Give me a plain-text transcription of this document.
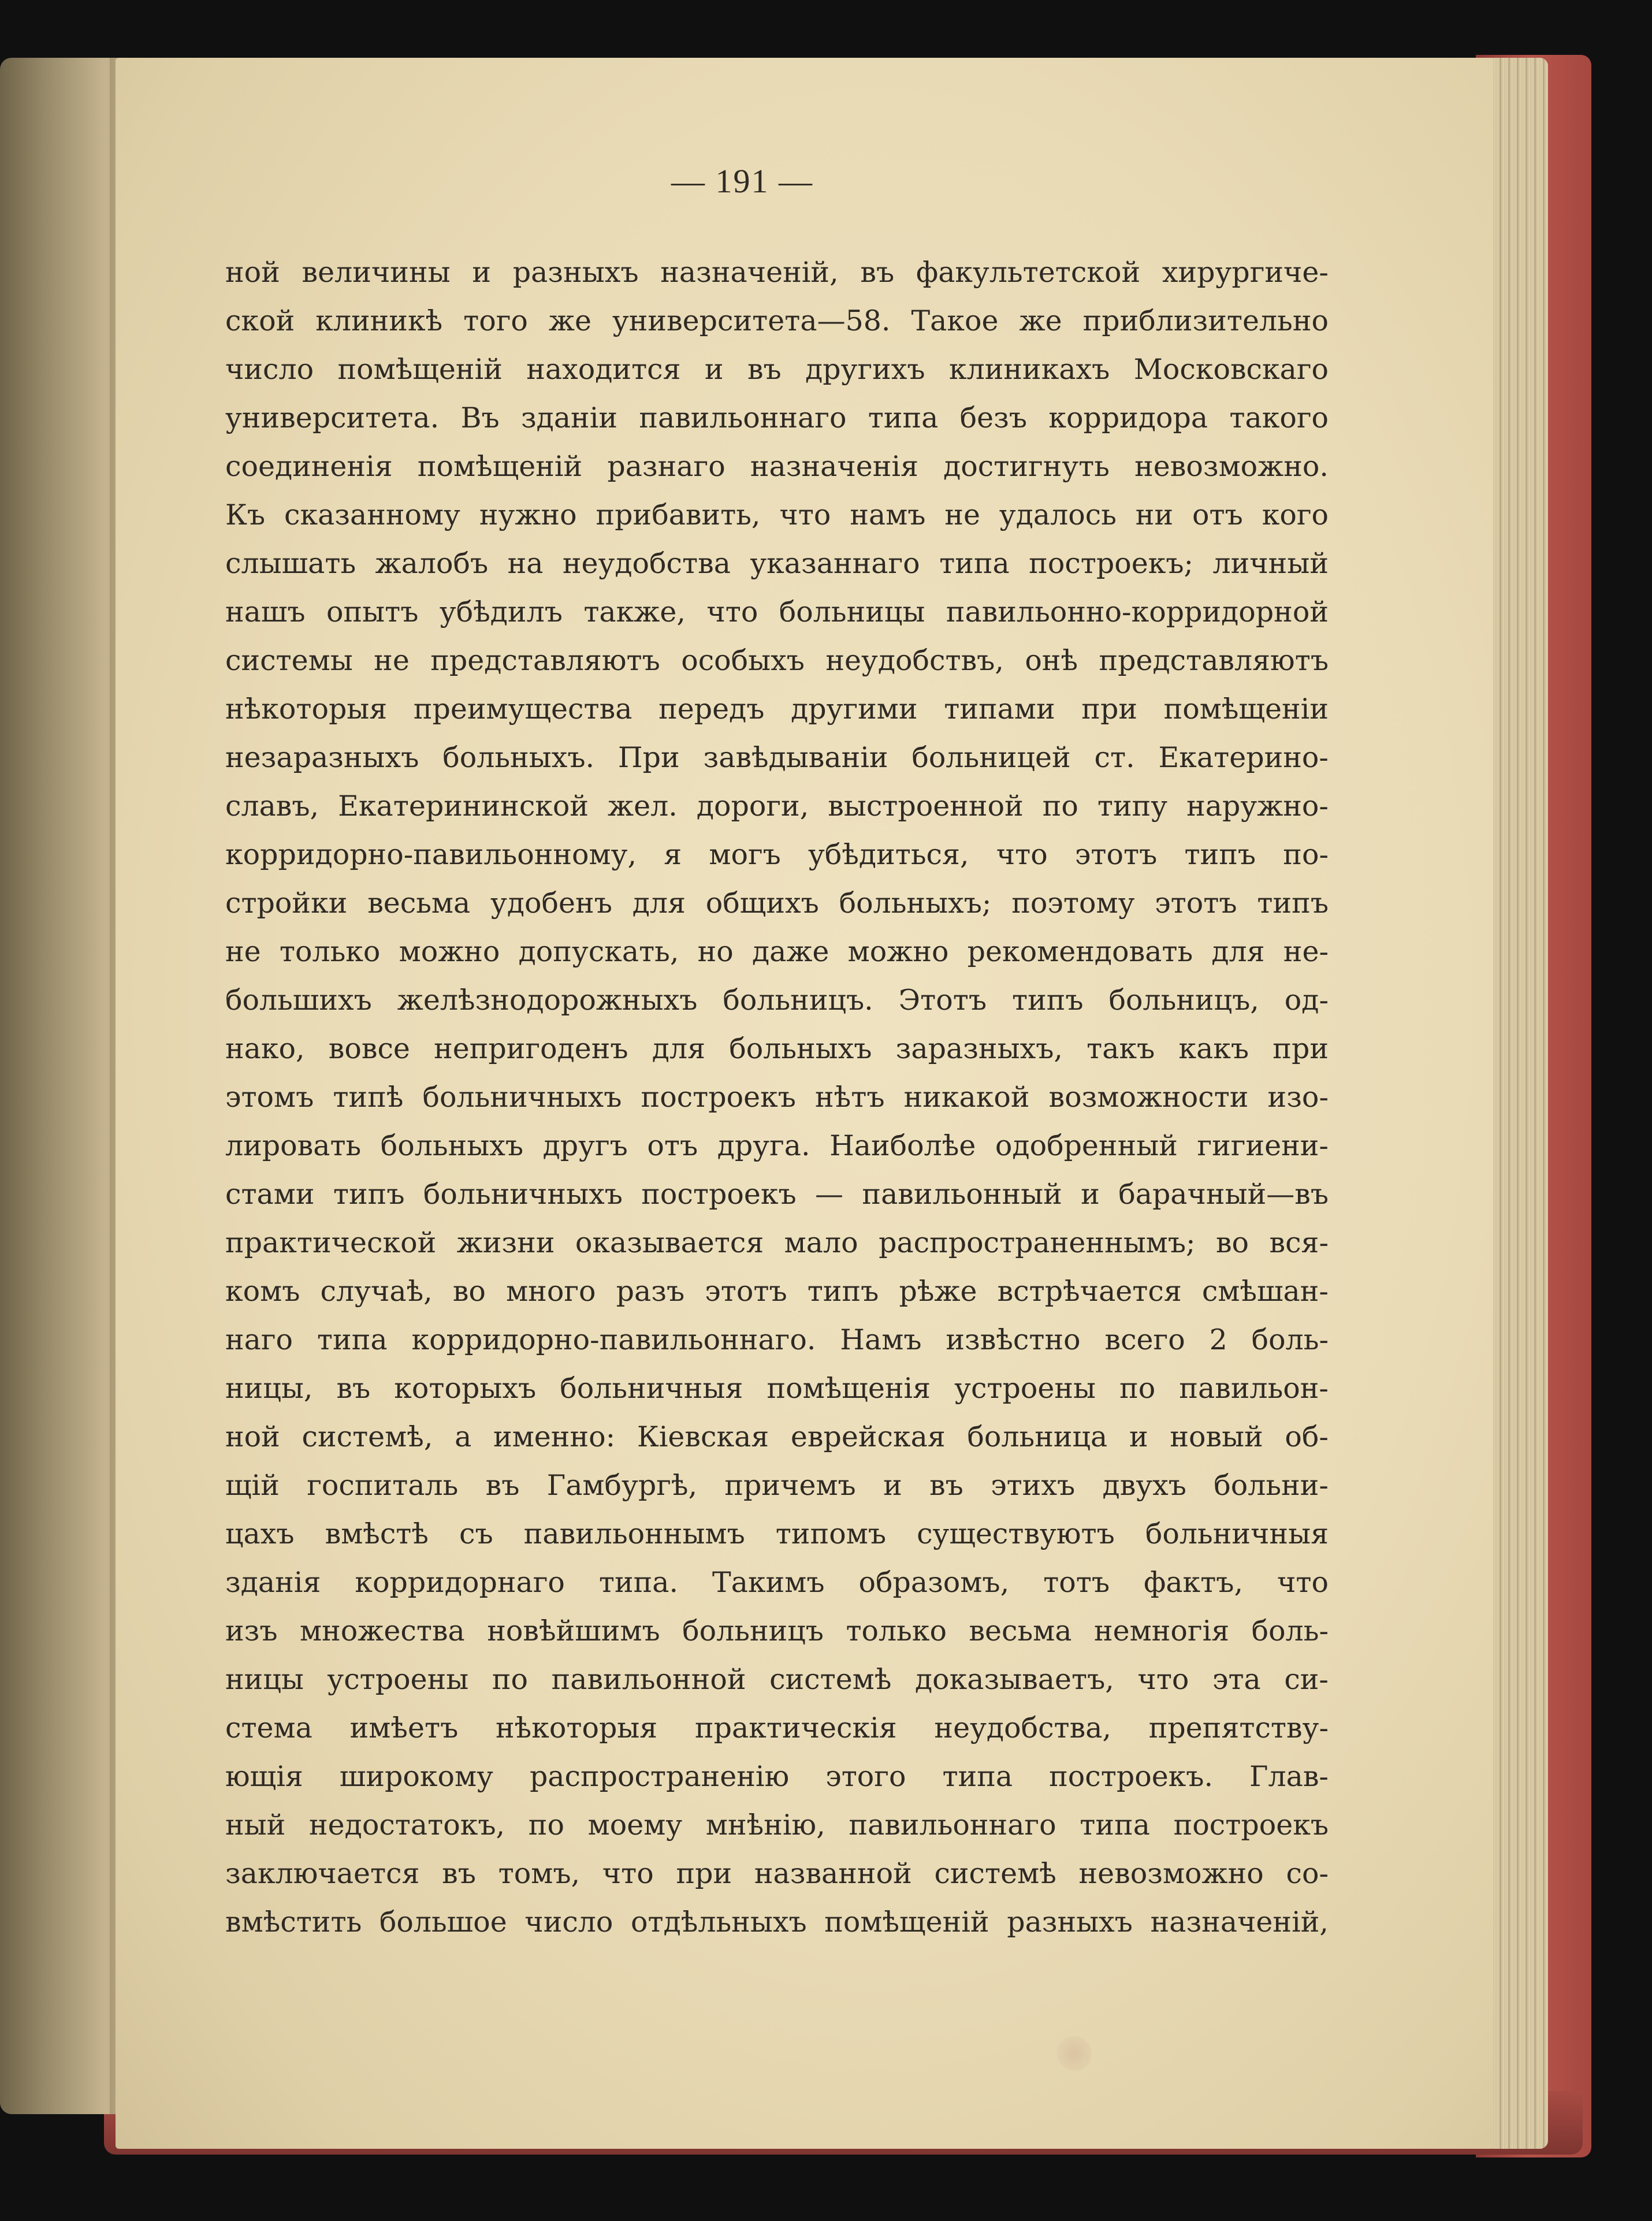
— 191 —
ной величины и разныхъ назначеній, въ факультетской хирургиче-
ской клиникѣ того же университета—58. Такое же приблизительно
число помѣщеній находится и въ другихъ клиникахъ Московскаго
университета. Въ зданіи павильоннаго типа безъ корридора такого
соединенія помѣщеній разнаго назначенія достигнуть невозможно.
Къ сказанному нужно прибавить, что намъ не удалось ни отъ кого
слышать жалобъ на неудобства указаннаго типа построекъ; личный
нашъ опытъ убѣдилъ также, что больницы павильонно-корридорной
системы не представляютъ особыхъ неудобствъ, онѣ представляютъ
нѣкоторыя преимущества передъ другими типами при помѣщеніи
незаразныхъ больныхъ. При завѣдываніи больницей ст. Екатерино-
славъ, Екатерининской жел. дороги, выстроенной по типу наружно-
корридорно-павильонному, я могъ убѣдиться, что этотъ типъ по-
стройки весьма удобенъ для общихъ больныхъ; поэтому этотъ типъ
не только можно допускать, но даже можно рекомендовать для не-
большихъ желѣзнодорожныхъ больницъ. Этотъ типъ больницъ, од-
нако, вовсе непригоденъ для больныхъ заразныхъ, такъ какъ при
этомъ типѣ больничныхъ построекъ нѣтъ никакой возможности изо-
лировать больныхъ другъ отъ друга. Наиболѣе одобренный гигиени-
стами типъ больничныхъ построекъ — павильонный и барачный—въ
практической жизни оказывается мало распространеннымъ; во вся-
комъ случаѣ, во много разъ этотъ типъ рѣже встрѣчается смѣшан-
наго типа корридорно-павильоннаго. Намъ извѣстно всего 2 боль-
ницы, въ которыхъ больничныя помѣщенія устроены по павильон-
ной системѣ, а именно: Кіевская еврейская больница и новый об-
щій госпиталь въ Гамбургѣ, причемъ и въ этихъ двухъ больни-
цахъ вмѣстѣ съ павильоннымъ типомъ существуютъ больничныя
зданія корридорнаго типа. Такимъ образомъ, тотъ фактъ, что
изъ множества новѣйшимъ больницъ только весьма немногія боль-
ницы устроены по павильонной системѣ доказываетъ, что эта си-
стема имѣетъ нѣкоторыя практическія неудобства, препятству-
ющія широкому распространенію этого типа построекъ. Глав-
ный недостатокъ, по моему мнѣнію, павильоннаго типа построекъ
заключается въ томъ, что при названной системѣ невозможно со-
вмѣстить большое число отдѣльныхъ помѣщеній разныхъ назначеній,
